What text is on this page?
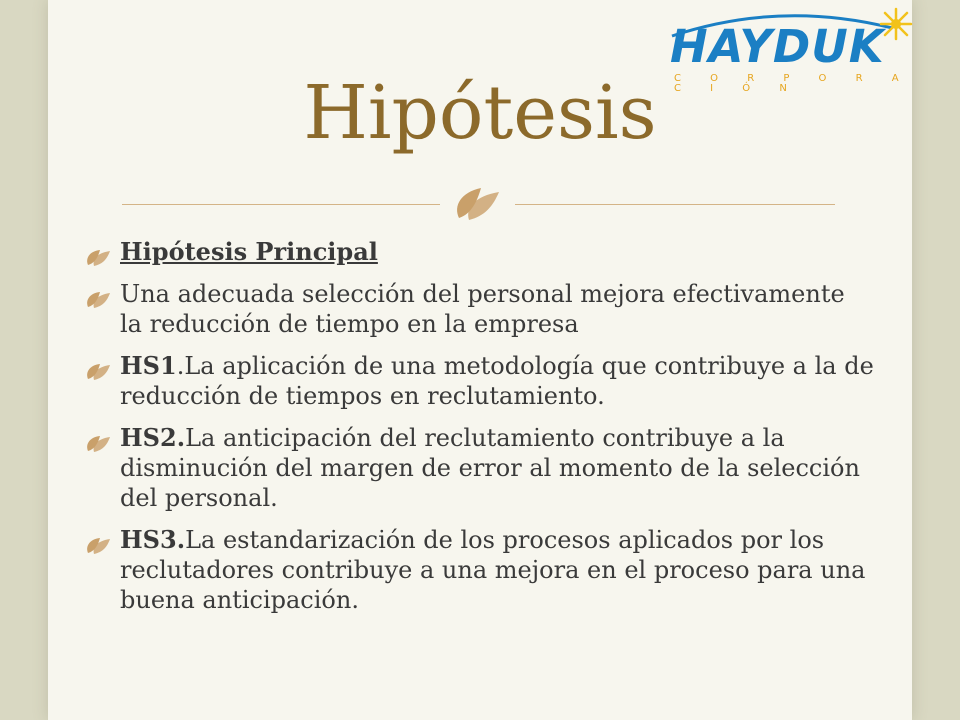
HAYDUK
C O R P O R A C I Ó N
Hipótesis
Hipótesis Principal
Una adecuada selección del personal mejora efectivamente la reducción de tiempo en la empresa
HS1.La aplicación de una metodología que contribuye a la de reducción de tiempos en reclutamiento.
HS2.La anticipación del reclutamiento contribuye a la disminución del margen de error al momento de la selección del personal.
HS3.La estandarización de los procesos aplicados por los reclutadores contribuye a una mejora en el proceso para una buena anticipación.
